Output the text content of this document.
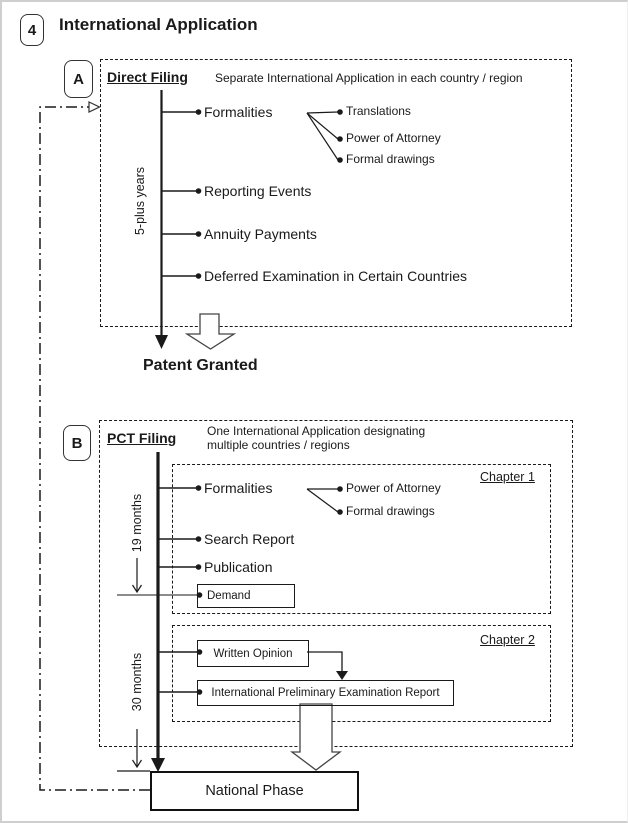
4 International Application
A Direct Filing Separate International Application in each country / region
Formalities	Translations
Power of Attorney
Formal drawings
Reporting Events
Annuity Payments
Deferred Examination in Certain Countries
5-plus years
Patent Granted
B PCT Filing	One International Application designating
multiple countries / regions
Chapter 1
Formalities	Power of Attorney
Formal drawings
Search Report
Publication
Demand
19 months
Chapter 2
Written Opinion
International Preliminary Examination Report
30 months
National Phase
